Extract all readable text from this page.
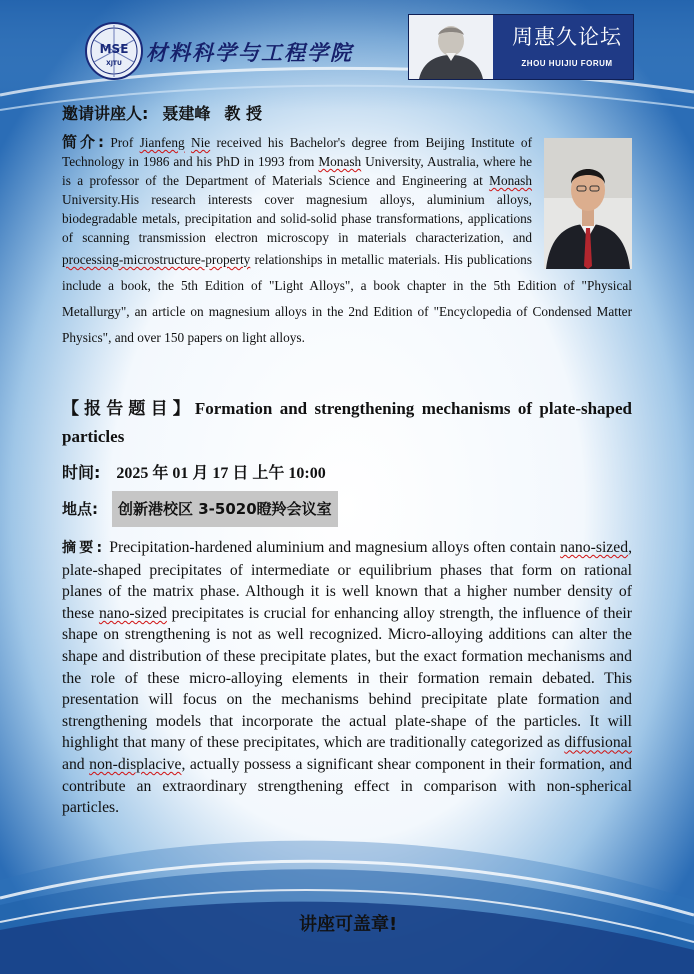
MSE
XJTU 材料科学与工程学院
周惠久论坛
ZHOU HUIJIU FORUM
邀请讲座人: 聂建峰 教 授
简介: Prof Jianfeng Nie received his Bachelor's degree from Beijing Institute of Technology in 1986 and his PhD in 1993 from Monash University, Australia, where he is a professor of the Department of Materials Science and Engineering at Monash University.His research interests cover magnesium alloys, aluminium alloys, biodegradable metals, precipitation and solid-solid phase transformations, applications of scanning transmission electron microscopy in materials characterization, and processing-microstructure-property relationships in metallic materials. His publications include a book, the 5th Edition of "Light Alloys", a book chapter in the 5th Edition of "Physical Metallurgy", an article on magnesium alloys in the 2nd Edition of "Encyclopedia of Condensed Matter Physics", and over 150 papers on light alloys.
【报告题目】Formation and strengthening mechanisms of plate-shaped particles
时间: 2025 年 01 月 17 日 上午 10:00
地点: 创新港校区 3-5020瞪羚会议室
摘要: Precipitation-hardened aluminium and magnesium alloys often contain nano-sized, plate-shaped precipitates of intermediate or equilibrium phases that form on rational planes of the matrix phase. Although it is well known that a higher number density of these nano-sized precipitates is crucial for enhancing alloy strength, the influence of their shape on strengthening is not as well recognized. Micro-alloying additions can alter the shape and distribution of these precipitate plates, but the exact formation mechanisms and the role of these micro-alloying elements in their formation remain debated. This presentation will focus on the mechanisms behind precipitate plate formation and strengthening models that incorporate the actual plate-shape of the particles. It will highlight that many of these precipitates, which are traditionally categorized as diffusional and non-displacive, actually possess a significant shear component in their formation, and contribute an extraordinary strengthening effect in comparison with non-spherical particles.
讲座可盖章!
